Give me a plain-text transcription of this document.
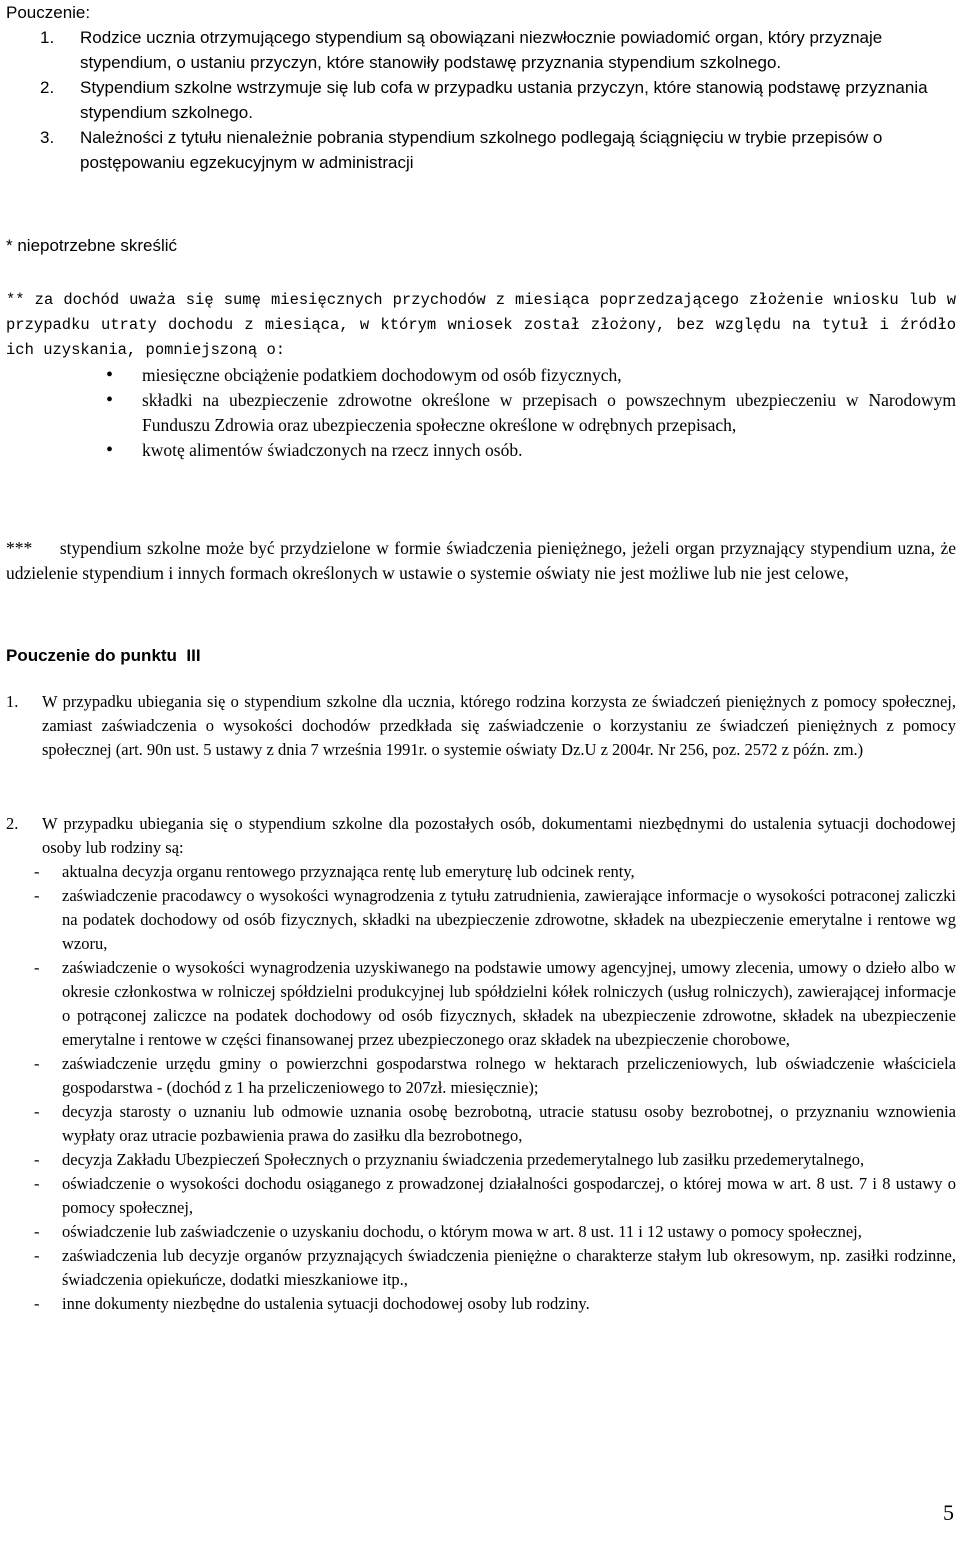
Pouczenie:

1.	Rodzice ucznia otrzymującego stypendium są obowiązani niezwłocznie powiadomić organ, który przyznaje stypendium, o ustaniu przyczyn, które stanowiły podstawę przyznania stypendium szkolnego.
2.	Stypendium szkolne wstrzymuje się lub cofa w przypadku ustania przyczyn, które stanowią podstawę przyznania stypendium szkolnego.
3.	Należności z tytułu nienależnie pobrania stypendium szkolnego podlegają ściągnięciu w trybie przepisów o postępowaniu egzekucyjnym w administracji

* niepotrzebne skreślić

** za dochód uważa się sumę miesięcznych przychodów z miesiąca poprzedzającego złożenie wniosku lub w przypadku utraty dochodu z miesiąca, w którym wniosek został złożony, bez względu na tytuł i źródło ich uzyskania, pomniejszoną o:

•	miesięczne obciążenie podatkiem dochodowym od osób fizycznych,
•	składki na ubezpieczenie zdrowotne określone w przepisach o powszechnym ubezpieczeniu w Narodowym Funduszu Zdrowia oraz ubezpieczenia społeczne określone w odrębnych przepisach,
•	kwotę alimentów świadczonych na rzecz innych osób.

*** stypendium szkolne może być przydzielone w formie świadczenia pieniężnego, jeżeli organ przyznający stypendium uzna, że udzielenie stypendium i innych formach określonych w ustawie o systemie oświaty nie jest możliwe lub nie jest celowe,

Pouczenie do punktu  III
1.	W przypadku ubiegania się o stypendium szkolne dla ucznia, którego rodzina korzysta ze świadczeń pieniężnych z pomocy społecznej, zamiast zaświadczenia o wysokości dochodów przedkłada się zaświadczenie o korzystaniu ze świadczeń pieniężnych z pomocy społecznej (art. 90n ust. 5 ustawy z dnia 7 września 1991r. o systemie oświaty Dz.U z 2004r. Nr 256, poz. 2572 z późn. zm.)
2.	W przypadku ubiegania się o stypendium szkolne dla pozostałych osób, dokumentami niezbędnymi do ustalenia sytuacji dochodowej osoby lub rodziny są:
-	aktualna decyzja organu rentowego przyznająca rentę lub emeryturę lub odcinek renty,
-	zaświadczenie pracodawcy o wysokości wynagrodzenia z tytułu zatrudnienia, zawierające informacje o wysokości potraconej zaliczki na podatek dochodowy od osób fizycznych, składki na ubezpieczenie zdrowotne, składek na ubezpieczenie emerytalne i rentowe wg wzoru,
-	zaświadczenie o wysokości wynagrodzenia uzyskiwanego na podstawie umowy agencyjnej, umowy zlecenia, umowy o dzieło albo w okresie członkostwa w rolniczej spółdzielni produkcyjnej lub spółdzielni kółek rolniczych (usług rolniczych), zawierającej informacje o potrąconej zaliczce na podatek dochodowy od osób fizycznych, składek na ubezpieczenie zdrowotne, składek na ubezpieczenie emerytalne i rentowe w części finansowanej przez ubezpieczonego oraz składek na ubezpieczenie chorobowe,
-	zaświadczenie urzędu gminy o powierzchni gospodarstwa rolnego w hektarach przeliczeniowych, lub oświadczenie właściciela gospodarstwa - (dochód z 1 ha przeliczeniowego to 207zł. miesięcznie);
-	decyzja starosty o uznaniu lub odmowie uznania osobę bezrobotną, utracie statusu osoby bezrobotnej, o przyznaniu wznowienia wypłaty oraz utracie pozbawienia prawa do zasiłku dla bezrobotnego,
-	decyzja Zakładu Ubezpieczeń Społecznych o przyznaniu świadczenia przedemerytalnego lub zasiłku przedemerytalnego,
-	oświadczenie o wysokości dochodu osiąganego z prowadzonej działalności gospodarczej, o której mowa w art. 8 ust. 7 i 8 ustawy o pomocy społecznej,
-	oświadczenie lub zaświadczenie o uzyskaniu dochodu, o którym mowa w art. 8 ust. 11 i 12 ustawy o pomocy społecznej,
-	zaświadczenia lub decyzje organów przyznających świadczenia pieniężne o charakterze stałym lub okresowym, np. zasiłki rodzinne, świadczenia opiekuńcze, dodatki mieszkaniowe itp.,
-	inne dokumenty niezbędne do ustalenia sytuacji dochodowej osoby lub rodziny.
5
